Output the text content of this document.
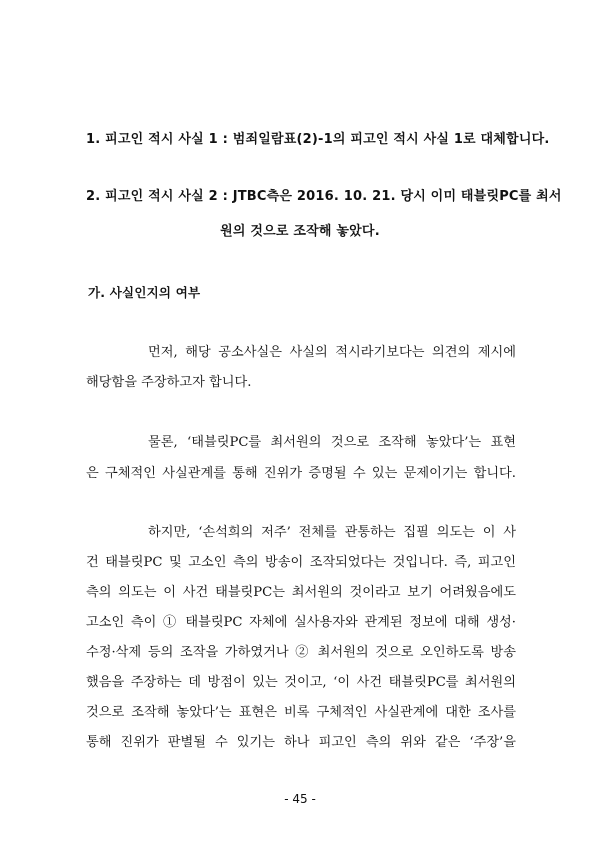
1. 피고인 적시 사실 1 : 범죄일람표(2)-1의 피고인 적시 사실 1로 대체합니다.
2. 피고인 적시 사실 2 : JTBC측은 2016. 10. 21. 당시 이미 태블릿PC를 최서
원의 것으로 조작해 놓았다.
가. 사실인지의 여부
먼저, 해당 공소사실은 사실의 적시라기보다는 의견의 제시에
해당함을 주장하고자 합니다.
물론, ‘태블릿PC를 최서원의 것으로 조작해 놓았다’는 표현
은 구체적인 사실관계를 통해 진위가 증명될 수 있는 문제이기는 합니다.
하지만, ‘손석희의 저주’ 전체를 관통하는 집필 의도는 이 사
건 태블릿PC 및 고소인 측의 방송이 조작되었다는 것입니다. 즉, 피고인
측의 의도는 이 사건 태블릿PC는 최서원의 것이라고 보기 어려웠음에도
고소인 측이 ① 태블릿PC 자체에 실사용자와 관계된 정보에 대해 생성·
수정·삭제 등의 조작을 가하였거나 ② 최서원의 것으로 오인하도록 방송
했음을 주장하는 데 방점이 있는 것이고, ‘이 사건 태블릿PC를 최서원의
것으로 조작해 놓았다’는 표현은 비록 구체적인 사실관계에 대한 조사를
통해 진위가 판별될 수 있기는 하나 피고인 측의 위와 같은 ‘주장’을
- 45 -
